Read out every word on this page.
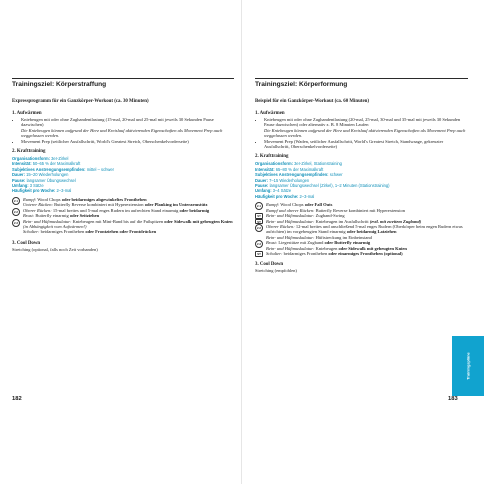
Trainingsziel: Körperstraffung
Expressprogramm für ein Ganzkörper-Workout (ca. 30 Minuten)
1. Aufwärmen
• Kniebeugen mit oder ohne Zughandentlastung (15-mal, 20-mal und 25-mal mit jeweils 30 Sekunden Pause dazwischen)
Die Kniebeugen können aufgrund der Herz und Kreislauf aktivierenden Eigenschaften als Movement Prep auch weggelassen werden.
• Movement Prep (seitlicher Ausfallschritt, World's Greatest Stretch, Oberschenkelvorderseite)
2. Krafttraining
Organisationsform: 3er-Zirkel
Intensität: 50–65 % der Maximalkraft
Subjektives Anstrengungsempfinden: mittel – schwer
Dauer: 15–20 Wiederholungen
Pause: langsamer Übungswechsel
Umfang: 3 Sätze
Häufigkeit pro Woche: 2–3-mal
2.1	Rumpf: Wood Chops oder beidarmiges abgewinkeltes Frontheben
Unterer Rücken: Butterfly Reverse kombiniert mit Hyperextension oder Planking im Unterarmstütz
2.2	Oberer Rücken: 15-mal breites und 5-mal enges Rudern im aufrechten Stand einarmig oder beidarmig
Brust: Butterfly einarmig oder Seitziehen
2.3	Bein- und Hüftmuskulatur: Kniebeugen mit Mini-Band bis auf die Fußspitzen oder Sidewalk mit gebeugten Knien (in Abhängigkeit vom Aufwärmen!)
Schulter: beidarmiges Frontheben oder Frontziehen oder Frontdrücken
3. Cool Down
Stretching (optional, falls noch Zeit vorhanden)
182
Trainingsziel: Körperformung
Beispiel für ein Ganzkörper-Workout (ca. 60 Minuten)
1. Aufwärmen
• Kniebeugen mit oder ohne Zughandentlastung (20-mal, 25-mal, 30-mal und 35-mal mit jeweils 30 Sekunden Pause dazwischen) oder alternativ z. B. 8 Minuten Laufen
Die Kniebeugen können aufgrund der Herz und Kreislauf aktivierenden Eigenschaften als Movement Prep auch weggelassen werden.
• Movement Prep (Waden, seitlicher Ausfallschritt, World's Greatest Stretch, Standwaage, gekreuzter Ausfallschritt, Oberschenkelvorderseite)
2. Krafttraining
Organisationsform: 3er-Zirkel, Stationstraining
Intensität: 65–80 % der Maximalkraft
Subjektives Anstrengungsempfinden: schwer
Dauer: 7–15 Wiederholungen
Pause: langsamer Übungswechsel (Zirkel), 1–2 Minuten (Stationstraining)
Umfang: 3–4 Sätze
Häufigkeit pro Woche: 2–3-mal
2.1	Rumpf: Wood Chops oder Fall Outs
Rumpf und oberer Rücken: Butterfly Reverse kombiniert mit Hyperextension
ST	Bein- und Hüftmuskulatur: Zugband-Swing
ST	Bein- und Hüftmuskulatur: Kniebeugen im Ausfallschritt (evtl. mit zweitem Zugband)
2.2	Oberer Rücken: 12-mal breites und anschließend 5-mal enges Rudern (Oberkörper beim engen Rudern etwas aufrichten) im vorgebeugten Stand einarmig oder beidarmig Latziehen
Bein- und Hüftmuskulatur: Hüftstreckung im Einbeinstand
2.3	Brust: Liegestütze mit Zugband oder Butterfly einarmig
Bein- und Hüftmuskulatur: Kniebeugen oder Sidewalk mit gebeugten Knien
ST	Schulter: beidarmiges Frontheben oder einarmiges Frontheben (optional)
3. Cool Down
Stretching (empfohlen)
183
Trainingspläne
